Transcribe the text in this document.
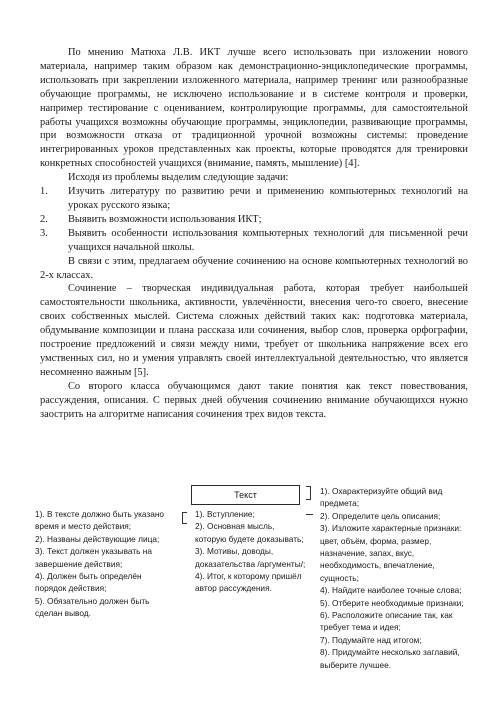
По мнению Матюха Л.В. ИКТ лучше всего использовать при изложении нового материала, например таким образом как демонстрационно-энциклопедические программы, использовать при закреплении изложенного материала, например тренинг или разнообразные обучающие программы, не исключено использование и в системе контроля и проверки, например тестирование с оцениванием, контролирующие программы, для самостоятельной работы учащихся возможны обучающие программы, энциклопедии, развивающие программы, при возможности отказа от традиционной урочной возможны системы: проведение интегрированных уроков представленных как проекты, которые проводятся для тренировки конкретных способностей учащихся (внимание, память, мышление) [4].

Исходя из проблемы выделим следующие задачи:

1. Изучить литературу по развитию речи и применению компьютерных технологий на уроках русского языка;
2. Выявить возможности использования ИКТ;
3. Выявить особенности использования компьютерных технологий для письменной речи учащихся начальной школы.

В связи с этим, предлагаем обучение сочинению на основе компьютерных технологий во 2-х классах.

Сочинение – творческая индивидуальная работа, которая требует наибольшей самостоятельности школьника, активности, увлечённости, внесения чего-то своего, внесение своих собственных мыслей. Система сложных действий таких как: подготовка материала, обдумывание композиции и плана рассказа или сочинения, выбор слов, проверка орфографии, построение предложений и связи между ними, требует от школьника напряжение всех его умственных сил, но и умения управлять своей интеллектуальной деятельностью, что является несомненно важным [5].

Со второго класса обучающимся дают такие понятия как текст повествования, рассуждения, описания. С первых дней обучения сочинению внимание обучающихся нужно заострить на алгоритме написания сочинения трех видов текста.

Текст
1). В тексте должно быть указано время и место действия;
2). Названы действующие лица;
3). Текст должен указывать на завершение действия;
4). Должен быть определён порядок действия;
5). Обязательно должен быть сделан вывод.
1). Вступление;
2). Основная мысль, которую будете доказывать;
3). Мотивы, доводы, доказательства /аргументы/;
4). Итог, к которому пришёл автор рассуждения.
1). Охарактеризуйте общий вид предмета;
2). Определите цель описания;
3). Изложите характерные признаки: цвет, объём, форма, размер, назначение, запах, вкус, необходимость, впечатление, сущность;
4). Найдите наиболее точные слова;
5). Отберите необходимые признаки;
6). Расположите описание так, как требует тема и идея;
7). Подумайте над итогом;
8). Придумайте несколько заглавий, выберите лучшее.
